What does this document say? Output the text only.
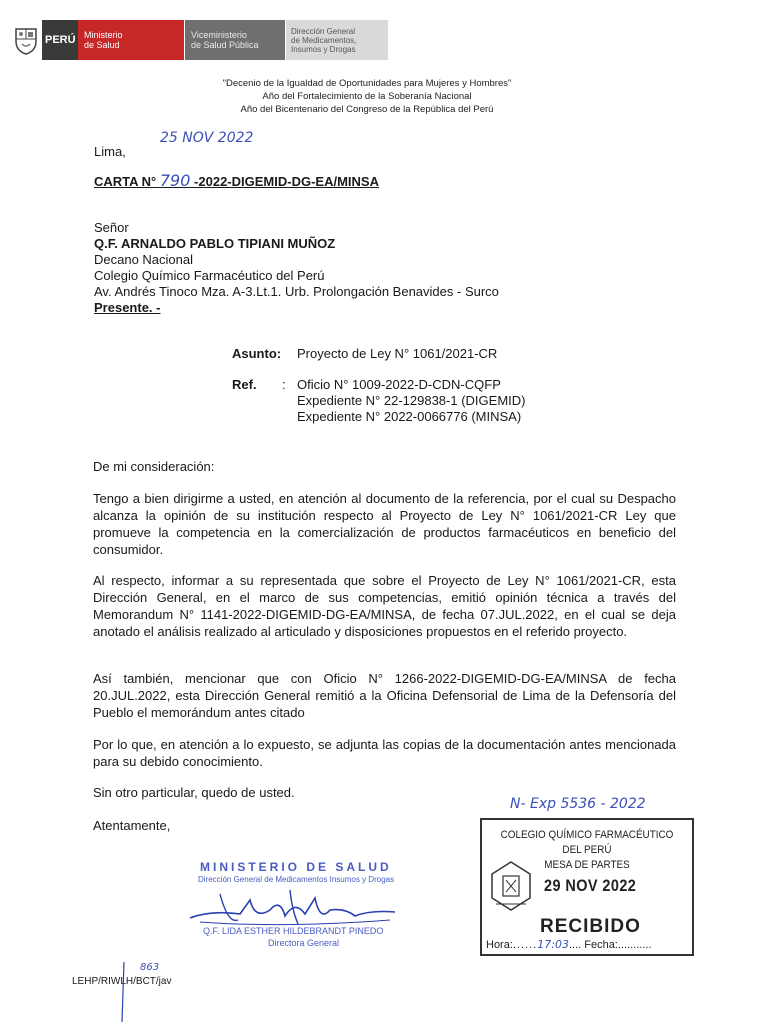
PERÚ Ministerio
de Salud
Viceministerio
de Salud Pública
Dirección General
de Medicamentos,
Insumos y Drogas
"Decenio de la Igualdad de Oportunidades para Mujeres y Hombres"
Año del Fortalecimiento de la Soberanía Nacional
Año del Bicentenario del Congreso de la República del Perú
Lima,
25 NOV 2022
CARTA N° 790 -2022-DIGEMID-DG-EA/MINSA
Señor
Q.F. ARNALDO PABLO TIPIANI MUÑOZ
Decano Nacional
Colegio Químico Farmacéutico del Perú
Av. Andrés Tinoco Mza. A-3.Lt.1. Urb. Prolongación Benavides - Surco
Presente. -
Asunto: Proyecto de Ley N° 1061/2021-CR
Ref. : Oficio N° 1009-2022-D-CDN-CQFP
Expediente N° 22-129838-1 (DIGEMID)
Expediente N° 2022-0066776 (MINSA)
De mi consideración:
Tengo a bien dirigirme a usted, en atención al documento de la referencia, por el cual su Despacho alcanza la opinión de su institución respecto al Proyecto de Ley N° 1061/2021-CR Ley que promueve la competencia en la comercialización de productos farmacéuticos en beneficio del consumidor.
Al respecto, informar a su representada que sobre el Proyecto de Ley N° 1061/2021-CR, esta Dirección General, en el marco de sus competencias, emitió opinión técnica a través del Memorandum N° 1141-2022-DIGEMID-DG-EA/MINSA, de fecha 07.JUL.2022, en el cual se deja anotado el análisis realizado al articulado y disposiciones propuestos en el referido proyecto.
Así también, mencionar que con Oficio N° 1266-2022-DIGEMID-DG-EA/MINSA de fecha 20.JUL.2022, esta Dirección General remitió a la Oficina Defensorial de Lima de la Defensoría del Pueblo el memorándum antes citado
Por lo que, en atención a lo expuesto, se adjunta las copias de la documentación antes mencionada para su debido conocimiento.
Sin otro particular, quedo de usted.
Atentamente,
MINISTERIO DE SALUD
Dirección General de Medicamentos Insumos y Drogas
Q.F. LIDA ESTHER HILDEBRANDT PINEDO
Directora General
N- Exp 5536 - 2022
COLEGIO QUÍMICO FARMACÉUTICO DEL PERÚ
MESA DE PARTES
29 NOV 2022
RECIBIDO
Hora:......17:03.... Fecha:...........
LEHP/RIWLH/BCT/jav
863
